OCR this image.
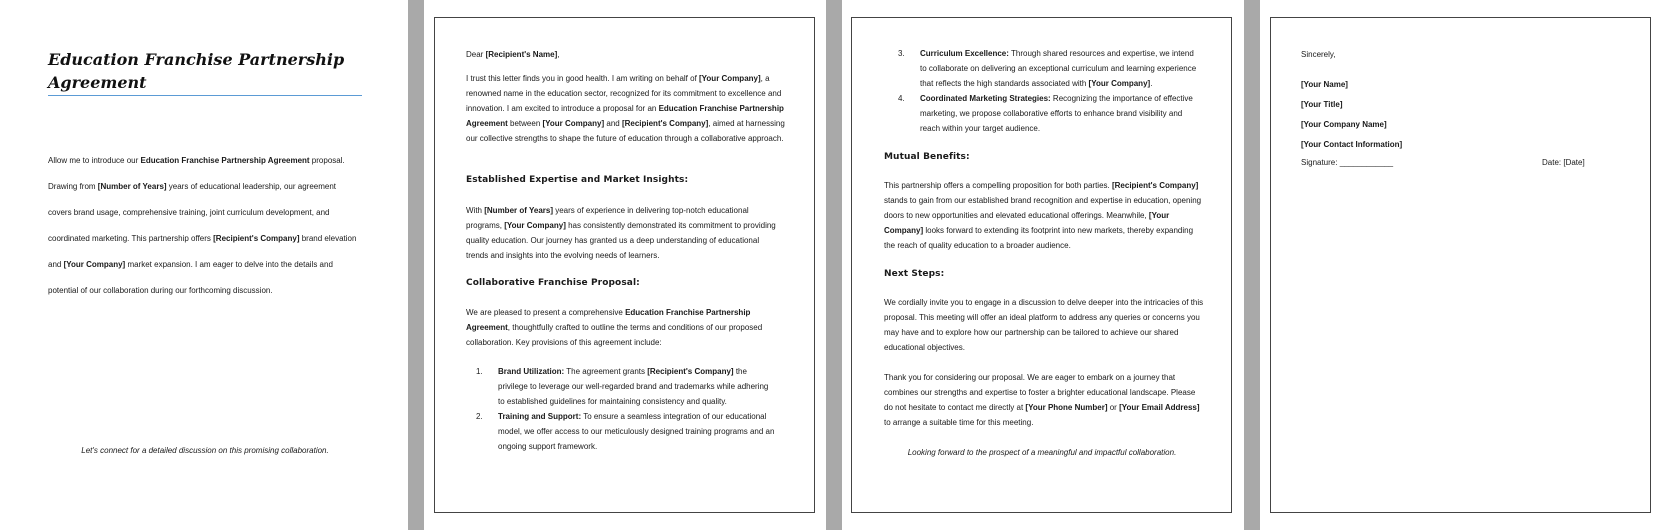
Education Franchise Partnership Agreement
Allow me to introduce our Education Franchise Partnership Agreement proposal. Drawing from [Number of Years] years of educational leadership, our agreement covers brand usage, comprehensive training, joint curriculum development, and coordinated marketing. This partnership offers [Recipient's Company] brand elevation and [Your Company] market expansion. I am eager to delve into the details and potential of our collaboration during our forthcoming discussion.
Let's connect for a detailed discussion on this promising collaboration.
Dear [Recipient's Name],
I trust this letter finds you in good health. I am writing on behalf of [Your Company], a renowned name in the education sector, recognized for its commitment to excellence and innovation. I am excited to introduce a proposal for an Education Franchise Partnership Agreement between [Your Company] and [Recipient's Company], aimed at harnessing our collective strengths to shape the future of education through a collaborative approach.
Established Expertise and Market Insights:
With [Number of Years] years of experience in delivering top-notch educational programs, [Your Company] has consistently demonstrated its commitment to providing quality education. Our journey has granted us a deep understanding of educational trends and insights into the evolving needs of learners.
Collaborative Franchise Proposal:
We are pleased to present a comprehensive Education Franchise Partnership Agreement, thoughtfully crafted to outline the terms and conditions of our proposed collaboration. Key provisions of this agreement include:
1. Brand Utilization: The agreement grants [Recipient's Company] the privilege to leverage our well-regarded brand and trademarks while adhering to established guidelines for maintaining consistency and quality.
2. Training and Support: To ensure a seamless integration of our educational model, we offer access to our meticulously designed training programs and an ongoing support framework.
3. Curriculum Excellence: Through shared resources and expertise, we intend to collaborate on delivering an exceptional curriculum and learning experience that reflects the high standards associated with [Your Company].
4. Coordinated Marketing Strategies: Recognizing the importance of effective marketing, we propose collaborative efforts to enhance brand visibility and reach within your target audience.
Mutual Benefits:
This partnership offers a compelling proposition for both parties. [Recipient's Company] stands to gain from our established brand recognition and expertise in education, opening doors to new opportunities and elevated educational offerings. Meanwhile, [Your Company] looks forward to extending its footprint into new markets, thereby expanding the reach of quality education to a broader audience.
Next Steps:
We cordially invite you to engage in a discussion to delve deeper into the intricacies of this proposal. This meeting will offer an ideal platform to address any queries or concerns you may have and to explore how our partnership can be tailored to achieve our shared educational objectives.
Thank you for considering our proposal. We are eager to embark on a journey that combines our strengths and expertise to foster a brighter educational landscape. Please do not hesitate to contact me directly at [Your Phone Number] or [Your Email Address] to arrange a suitable time for this meeting.
Looking forward to the prospect of a meaningful and impactful collaboration.
Sincerely,
[Your Name]
[Your Title]
[Your Company Name]
[Your Contact Information]
Signature: ____________	Date: [Date]
